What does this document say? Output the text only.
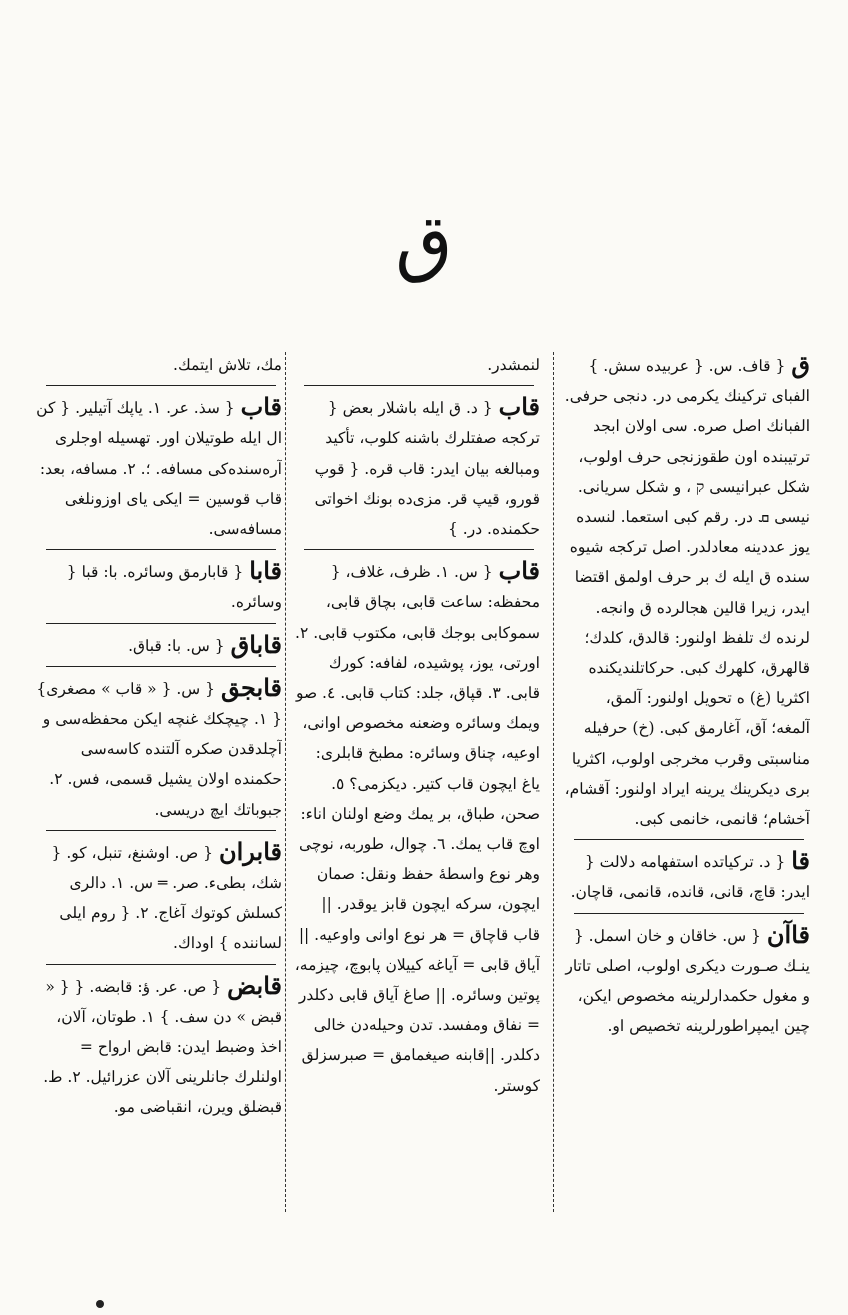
ق
ق{ قاف. س. { عربیده سش. } الفبای ترکینك یکرمی در. دنجی حرفی. الفبانك اصل صره. سی اولان ابجد ترتیبنده اون طقوزنجی حرف اولوب، شکل عبرانیسی ק ، و شکل سریانی. نیسی ܩ در. رقم کبی استعما. لنسده یوز عددینه معادلدر. اصل ترکجه شیوه سنده ق ایله ك بر حرف اولمق اقتضا ایدر، زیرا قالین هجالرده ق وانجه. لرنده ك تلفظ اولنور: قالدق، کلدك؛ قالهرق، کلهرك کبی. حرکاتلندیکنده اکثریا (غ) ه تحویل اولنور: آلمق، آلمغه؛ آق، آغارمق کبی. (خ) حرفیله مناسبتی وقرب مخرجی اولوب، اکثریا بری دیکرینك یرینه ایراد اولنور: آقشام، آخشام؛ قانمی، خانمی کبی.
قا{ د. ترکیاتده استفهامه دلالت { ایدر: قاچ، قانی، قانده، قانمی، قاچان.
قاآن{ س. خاقان و خان اسمل. { ینـك صـورت دیکری اولوب، اصلی تاتار و مغول حکمدارلرینه مخصوص ایکن، چین ایمپراطورلرینه تخصیص او.
لنمشدر.
قاب{ د. ق ایله باشلار بعض { ترکجه صفتلرك باشنه کلوب، تأکید ومبالغه بیان ایدر: قاب قره. { قوپ قورو، قیپ قر. مزی‌ده بونك اخواتی حکمنده. در. }
قاب{ س. ۱. ظرف، غلاف، { محفظه: ساعت قابی، بچاق قابی، سموکابی بوجك قابی، مکتوب قابی. ۲. اورتی، یوز، پوشیده، لفافه: کورك قابی. ۳. قپاق، جلد: کتاب قابی. ٤. صو ویمك وسائره وضعنه مخصوص اوانی، اوعیه، چناق وسائره: مطبخ قابلری: یاغ ایچون قاب کتیر. دیکزمی؟ ٥. صحن، طباق، بر یمك وضع اولنان اناء: اوچ قاب یمك. ٦. چوال، طوربه، نوچی وهر نوع واسطهٔ حفظ ونقل: صمان ایچون، سرکه ایچون قابز یوقدر. || قاب قاچاق = هر نوع اوانی واوعیه. || آیاق قابی = آیاغه کییلان پابوچ، چیزمه، پوتین وسائره. || صاغ آیاق قابی دکلدر = نفاق ومفسد. تدن وحیله‌دن خالی دکلدر. ||قابنه صیغمامق = صبرسزلق کوستر.
مك، تلاش ایتمك.
قاب{ سذ. عر. ۱. یاپك آتیلیر. { کن ال ایله طوتیلان اور. تهسیله اوجلری آره‌سنده‌کی مسافه. ؛. ۲. مسافه، بعد: قاب قوسین = ایکی یای اوزونلغی مسافه‌سی.
قابا{ قابارمق وسائره. با: قبا { وسائره.
قاباق{ س. با: قباق.
قابجق{ س. { « قاب » مصغری} { ۱. چیچکك غنچه ایکن محفظه‌سی و آچلدقدن صکره آلتنده کاسه‌سی حکمنده اولان یشیل قسمی، فس. ۲. جبوباتك ایچ دریسی.
قابران{ ص. اوشنغ، تنبل، کو. { شك، بطیء. صر. ═ س. ۱. دالری کسلش کوتوك آغاج. ۲. { روم ایلی لساننده } اوداك.
قابض{ ص. عر. ؤ: قابضه. { { « قبض » دن سف. } ۱. طوتان، آلان، اخذ وضبط ایدن: قابض ارواح = اولنلرك جانلرینی آلان عزرائیل. ۲. ط. قبضلق ویرن، انقباضی مو.
